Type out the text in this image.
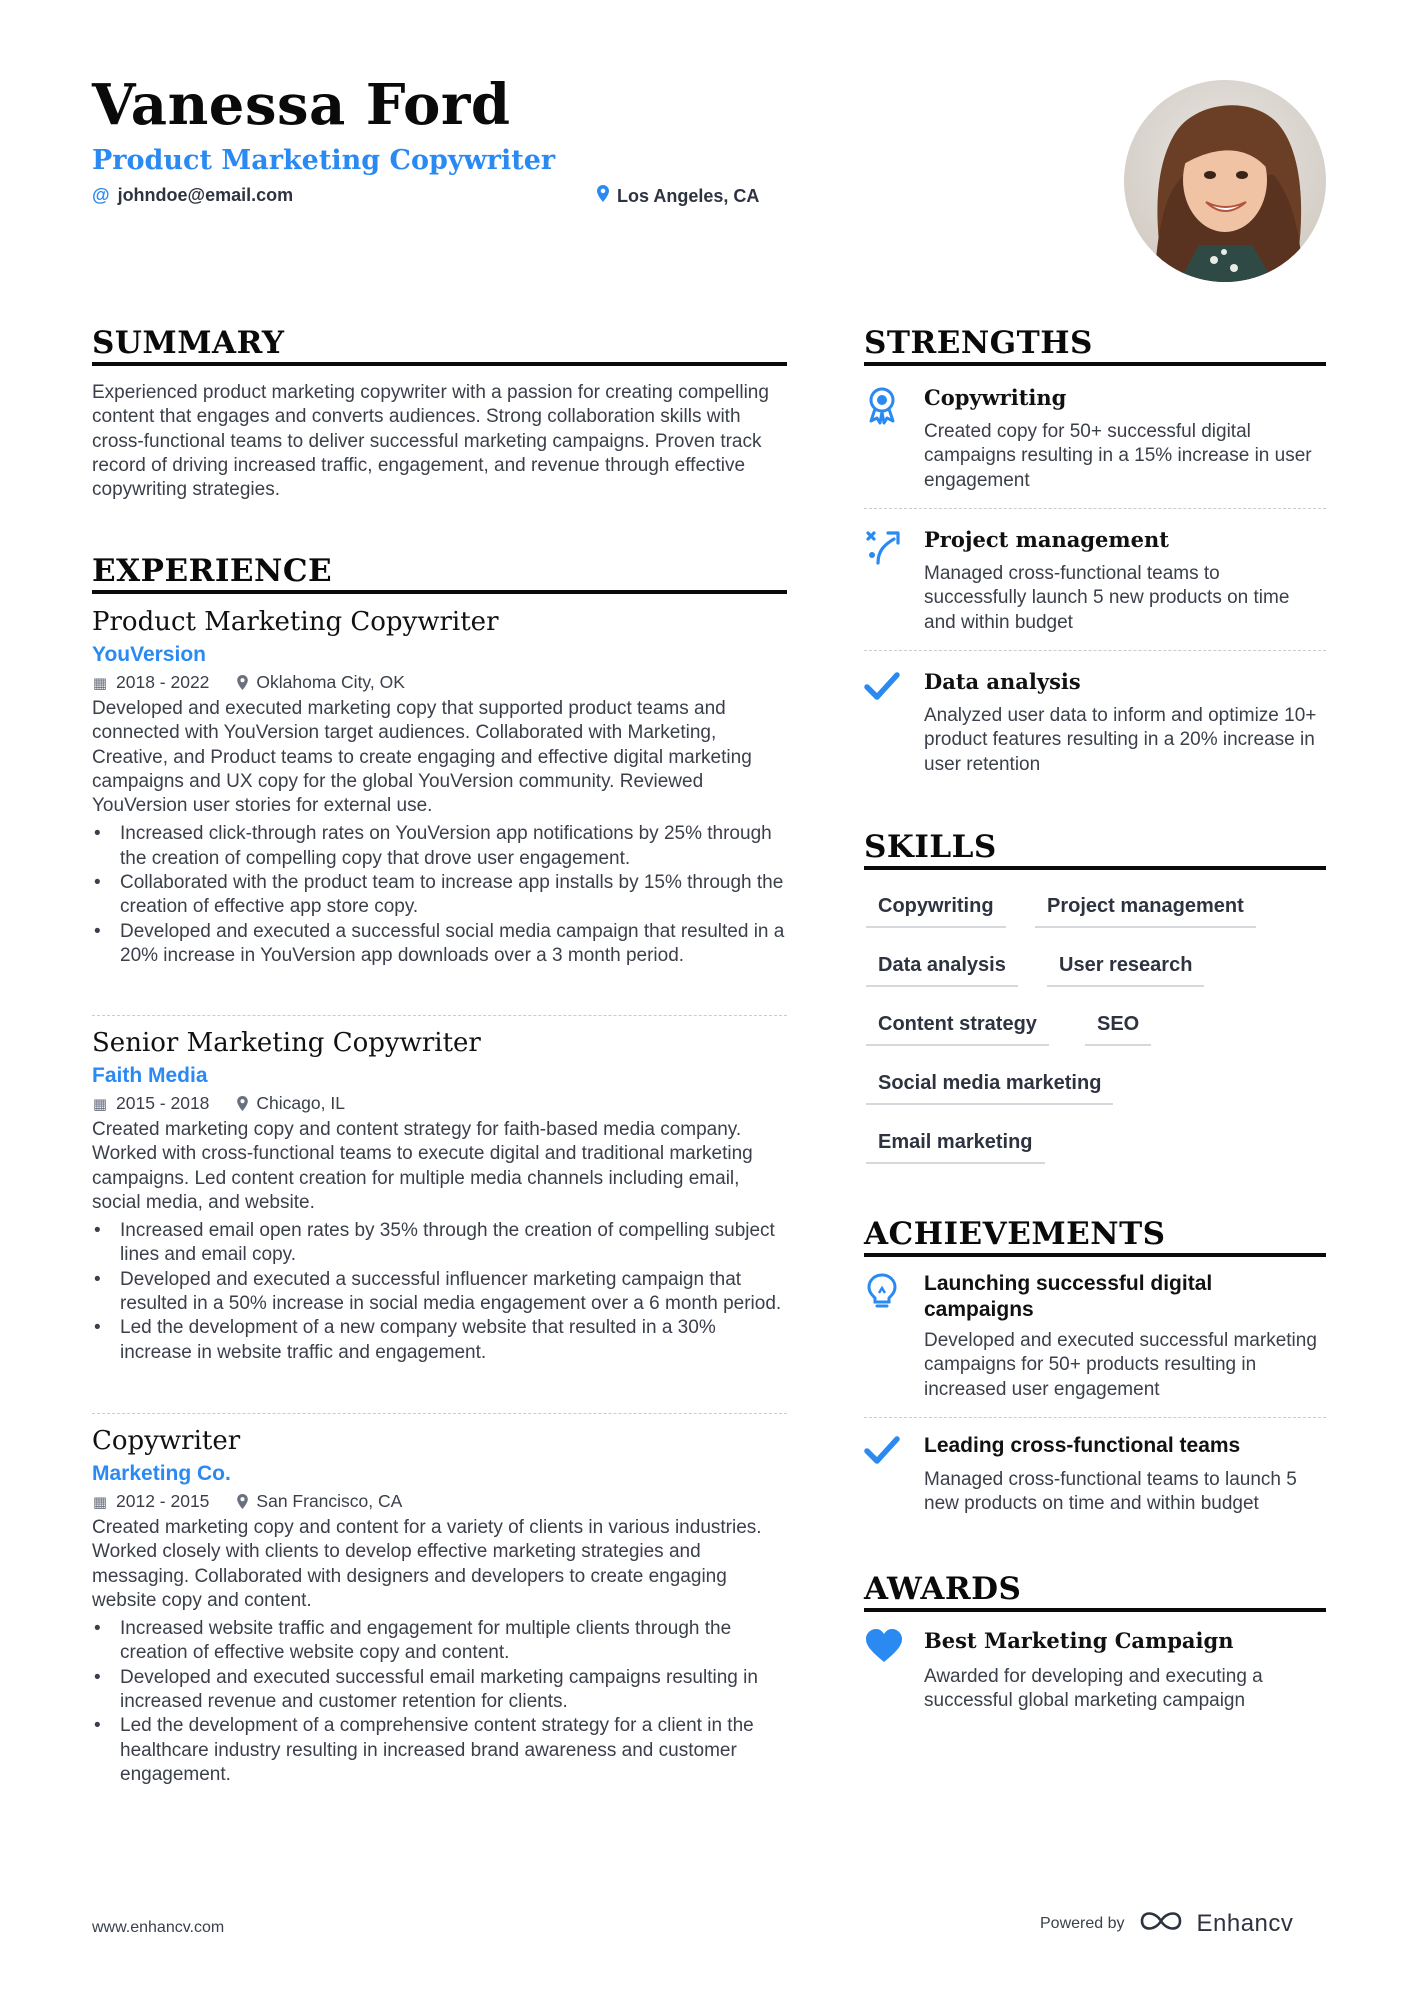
Vanessa Ford
Product Marketing Copywriter
@ johndoe@email.com	Los Angeles, CA
SUMMARY
Experienced product marketing copywriter with a passion for creating compelling content that engages and converts audiences. Strong collaboration skills with cross-functional teams to deliver successful marketing campaigns. Proven track record of driving increased traffic, engagement, and revenue through effective copywriting strategies.
EXPERIENCE
Product Marketing Copywriter
YouVersion
▦ 2018 - 2022	Oklahoma City, OK
Developed and executed marketing copy that supported product teams and connected with YouVersion target audiences. Collaborated with Marketing, Creative, and Product teams to create engaging and effective digital marketing campaigns and UX copy for the global YouVersion community. Reviewed YouVersion user stories for external use.
• Increased click-through rates on YouVersion app notifications by 25% through the creation of compelling copy that drove user engagement.
• Collaborated with the product team to increase app installs by 15% through the creation of effective app store copy.
• Developed and executed a successful social media campaign that resulted in a 20% increase in YouVersion app downloads over a 3 month period.
Senior Marketing Copywriter
Faith Media
▦ 2015 - 2018	Chicago, IL
Created marketing copy and content strategy for faith-based media company. Worked with cross-functional teams to execute digital and traditional marketing campaigns. Led content creation for multiple media channels including email, social media, and website.
• Increased email open rates by 35% through the creation of compelling subject lines and email copy.
• Developed and executed a successful influencer marketing campaign that resulted in a 50% increase in social media engagement over a 6 month period.
• Led the development of a new company website that resulted in a 30% increase in website traffic and engagement.
Copywriter
Marketing Co.
▦ 2012 - 2015	San Francisco, CA
Created marketing copy and content for a variety of clients in various industries. Worked closely with clients to develop effective marketing strategies and messaging. Collaborated with designers and developers to create engaging website copy and content.
• Increased website traffic and engagement for multiple clients through the creation of effective website copy and content.
• Developed and executed successful email marketing campaigns resulting in increased revenue and customer retention for clients.
• Led the development of a comprehensive content strategy for a client in the healthcare industry resulting in increased brand awareness and customer engagement.
STRENGTHS
Copywriting
Created copy for 50+ successful digital campaigns resulting in a 15% increase in user engagement
Project management
Managed cross-functional teams to successfully launch 5 new products on time and within budget
Data analysis
Analyzed user data to inform and optimize 10+ product features resulting in a 20% increase in user retention
SKILLS
Copywriting	Project management
Data analysis	User research
Content strategy	SEO
Social media marketing
Email marketing
ACHIEVEMENTS
Launching successful digital campaigns
Developed and executed successful marketing campaigns for 50+ products resulting in increased user engagement
Leading cross-functional teams
Managed cross-functional teams to launch 5 new products on time and within budget
AWARDS
Best Marketing Campaign
Awarded for developing and executing a successful global marketing campaign
www.enhancv.com	Powered by	Enhancv
